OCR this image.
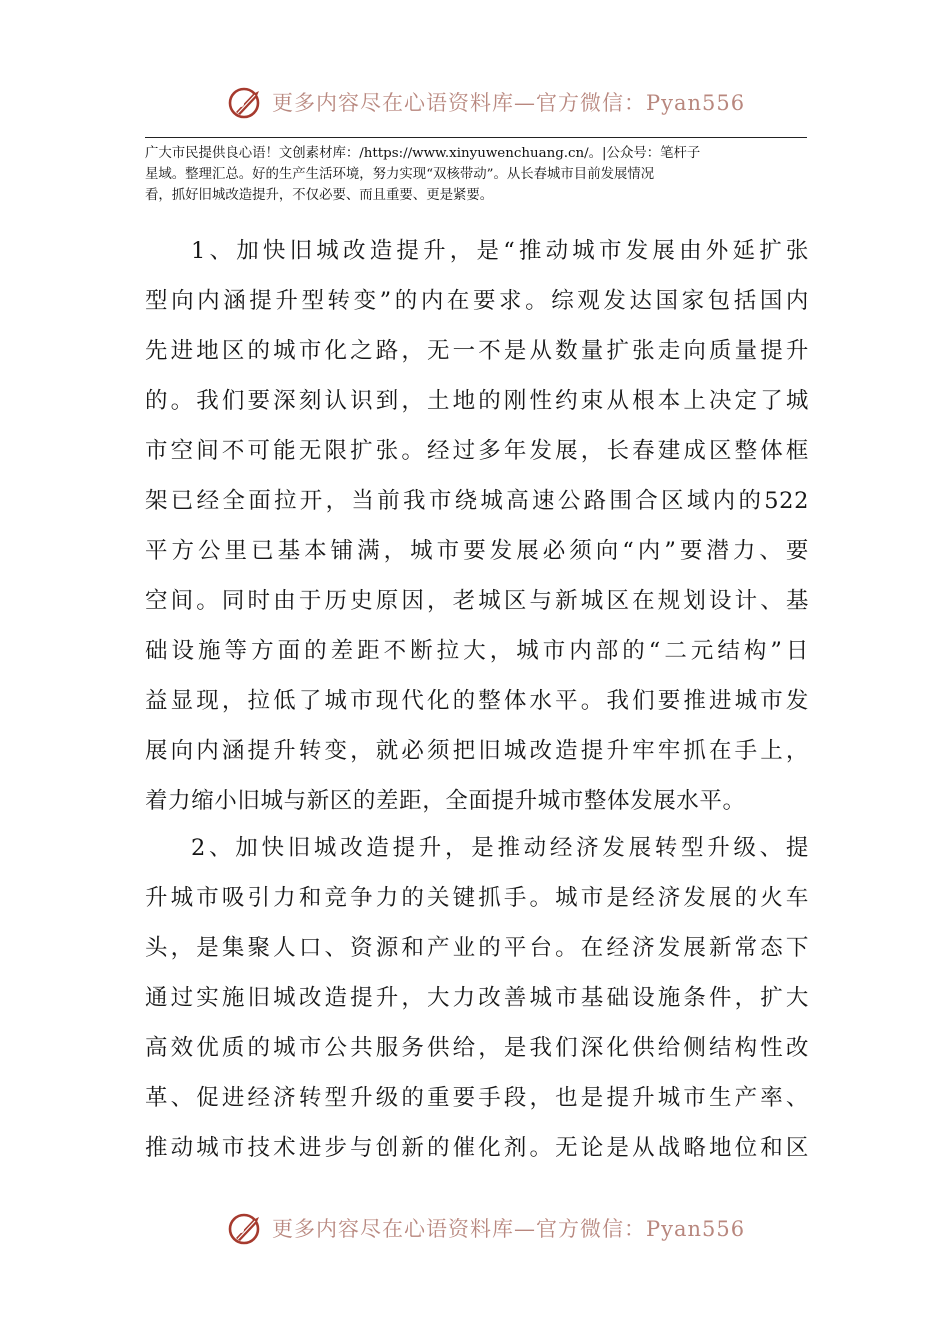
更多内容尽在心语资料库—官方微信：Pyan556
广大市民提供良心语！文创素材库：/https://www.xinyuwenchuang.cn/。|公众号：笔杆子
星域。整理汇总。好的生产生活环境，努力实现“双核带动”。从长春城市目前发展情况
看，抓好旧城改造提升，不仅必要、而且重要、更是紧要。

1、加快旧城改造提升，是“推动城市发展由外延扩张

型向内涵提升型转变”的内在要求。综观发达国家包括国内

先进地区的城市化之路，无一不是从数量扩张走向质量提升

的。我们要深刻认识到，土地的刚性约束从根本上决定了城

市空间不可能无限扩张。经过多年发展，长春建成区整体框

架已经全面拉开，当前我市绕城高速公路围合区域内的522

平方公里已基本铺满，城市要发展必须向“内”要潜力、要

空间。同时由于历史原因，老城区与新城区在规划设计、基

础设施等方面的差距不断拉大，城市内部的“二元结构”日

益显现，拉低了城市现代化的整体水平。我们要推进城市发

展向内涵提升转变，就必须把旧城改造提升牢牢抓在手上，

着力缩小旧城与新区的差距，全面提升城市整体发展水平。

2、加快旧城改造提升，是推动经济发展转型升级、提

升城市吸引力和竞争力的关键抓手。城市是经济发展的火车

头，是集聚人口、资源和产业的平台。在经济发展新常态下

通过实施旧城改造提升，大力改善城市基础设施条件，扩大

高效优质的城市公共服务供给，是我们深化供给侧结构性改

革、促进经济转型升级的重要手段，也是提升城市生产率、

推动城市技术进步与创新的催化剂。无论是从战略地位和区

更多内容尽在心语资料库—官方微信：Pyan556
